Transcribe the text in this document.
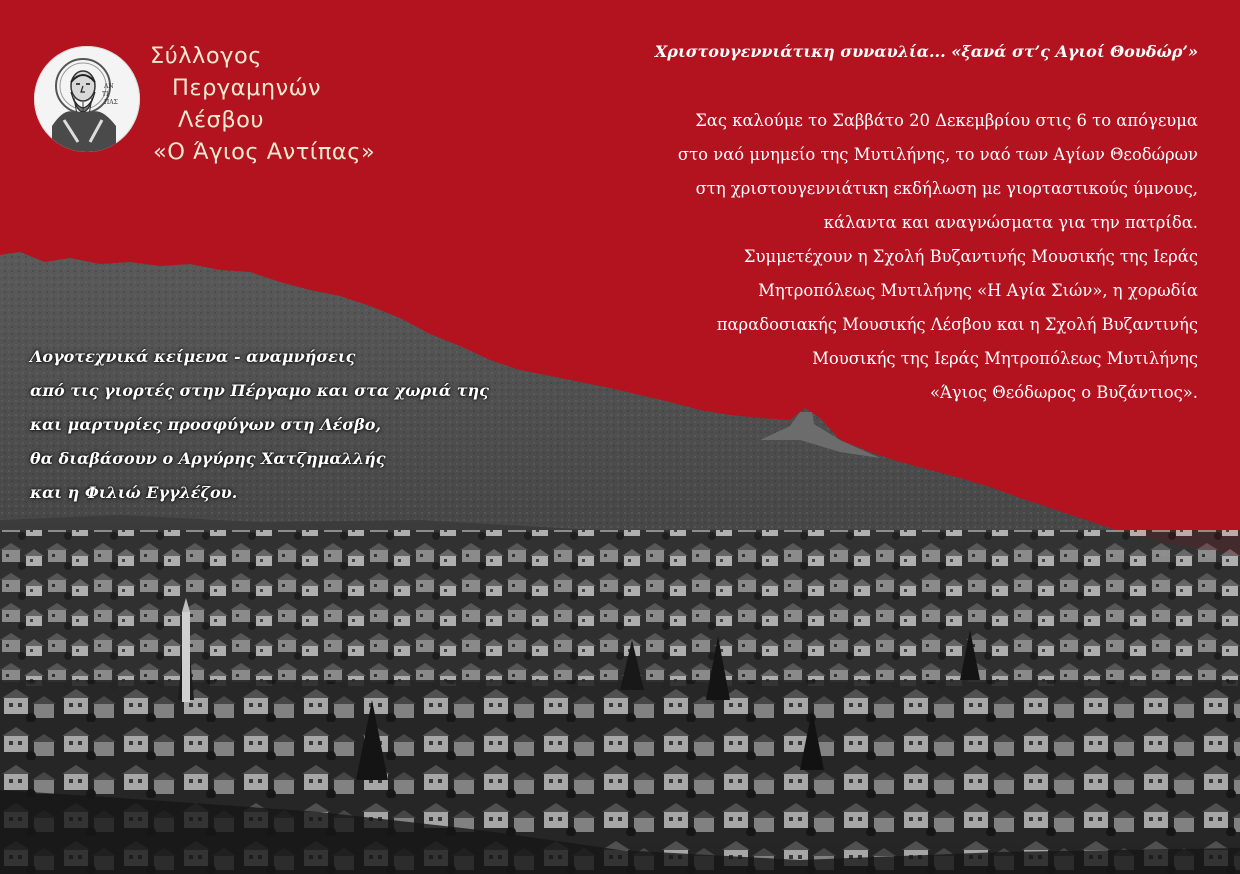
ΑΝ
ΤΙ
ΠΑΣ
Σύλλογος
Περγαμηνών
Λέσβου
«Ο Άγιος Αντίπας»
Χριστουγεννιάτικη συναυλία... «ξανά στ’ς Αγιοί Θουδώρ’»
Σας καλούμε το Σαββάτο 20 Δεκεμβρίου στις 6 το απόγευμα
στο ναό μνημείο της Μυτιλήνης, το ναό των Αγίων Θεοδώρων
στη χριστουγεννιάτικη εκδήλωση με γιορταστικούς ύμνους,
κάλαντα και αναγνώσματα για την πατρίδα.
Συμμετέχουν η Σχολή Βυζαντινής Μουσικής της Ιεράς
Μητροπόλεως Μυτιλήνης «Η Αγία Σιών», η χορωδία
παραδοσιακής Μουσικής Λέσβου και η Σχολή Βυζαντινής
Μουσικής της Ιεράς Μητροπόλεως Μυτιλήνης
«Άγιος Θεόδωρος ο Βυζάντιος».
Λογοτεχνικά κείμενα - αναμνήσεις
από τις γιορτές στην Πέργαμο και στα χωριά της
και μαρτυρίες προσφύγων στη Λέσβο,
θα διαβάσουν ο Αργύρης Χατζημαλλής
και η Φιλιώ Εγγλέζου.
